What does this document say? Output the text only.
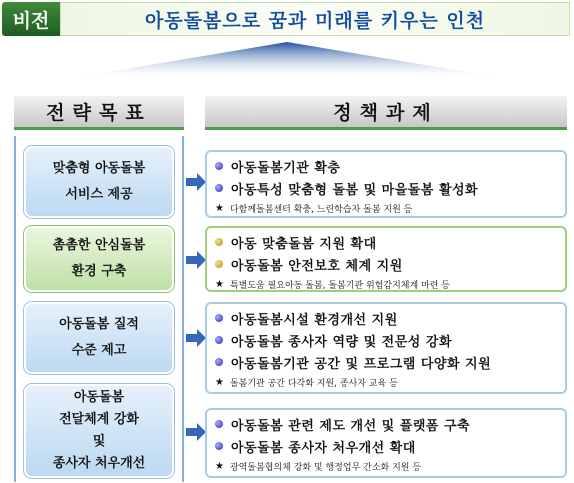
비전	아동돌봄으로 꿈과 미래를 키우는 인천
전략목표	정책과제
맞춤형 아동돌봄
서비스 제공
촘촘한 안심돌봄
환경 구축
아동돌봄 질적
수준 제고
아동돌봄
전달체계 강화
및
종사자 처우개선
아동돌봄기관 확충
아동특성 맞춤형 돌봄 및 마을돌봄 활성화
★ 다함께돌봄센터 확충, 느린학습자 돌봄 지원 등
아동 맞춤돌봄 지원 확대
아동돌봄 안전보호 체계 지원
★ 특별도움 필요아동 돌봄, 돌봄기관 위험감지체계 마련 등
아동돌봄시설 환경개선 지원
아동돌봄 종사자 역량 및 전문성 강화
아동돌봄기관 공간 및 프로그램 다양화 지원
★ 돌봄기관 공간 다각화 지원, 종사자 교육 등
아동돌봄 관련 제도 개선 및 플랫폼 구축
아동돌봄 종사자 처우개선 확대
★ 광역돌봄협의체 강화 및 행정업무 간소화 지원 등
